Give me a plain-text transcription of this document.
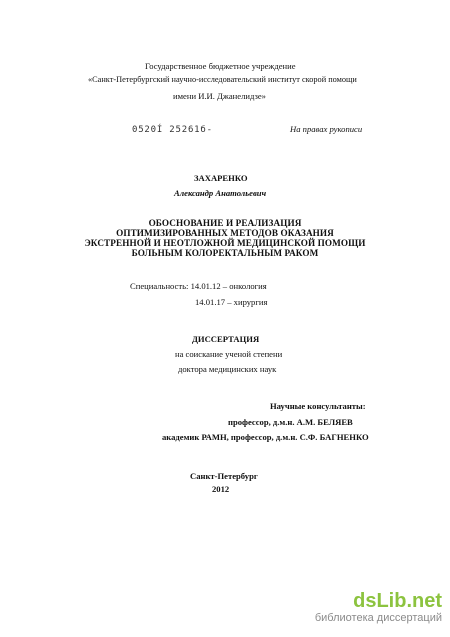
Государственное бюджетное учреждение
«Санкт-Петербургский научно-исследовательский институт скорой помощи
имени И.И. Джанелидзе»
0520Í 25261б-	На правах рукописи
ЗАХАРЕНКО
Александр Анатольевич
ОБОСНОВАНИЕ И РЕАЛИЗАЦИЯ
ОПТИМИЗИРОВАННЫХ МЕТОДОВ ОКАЗАНИЯ
ЭКСТРЕННОЙ И НЕОТЛОЖНОЙ МЕДИЦИНСКОЙ ПОМОЩИ
БОЛЬНЫМ КОЛОРЕКТАЛЬНЫМ РАКОМ
Специальность: 14.01.12 – онкология
14.01.17 – хирургия
ДИССЕРТАЦИЯ
на соискание ученой степени
доктора медицинских наук
Научные консультанты:
профессор, д.м.н. А.М. БЕЛЯЕВ
академик РАМН, профессор, д.м.н. С.Ф. БАГНЕНКО
Санкт-Петербург
2012
dsLib.net
библиотека диссертаций
